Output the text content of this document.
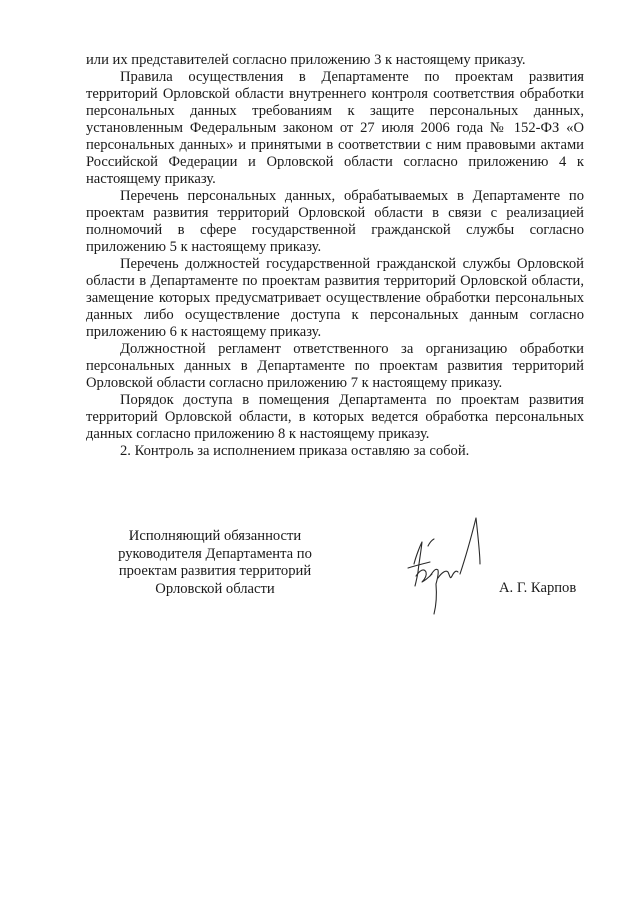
или их представителей согласно приложению 3 к настоящему приказу.

Правила осуществления в Департаменте по проектам развития территорий Орловской области внутреннего контроля соответствия обработки персональных данных требованиям к защите персональных данных, установленным Федеральным законом от 27 июля 2006 года № 152-ФЗ «О персональных данных» и принятыми в соответствии с ним правовыми актами Российской Федерации и Орловской области согласно приложению 4 к настоящему приказу.

Перечень персональных данных, обрабатываемых в Департаменте по проектам развития территорий Орловской области в связи с реализацией полномочий в сфере государственной гражданской службы согласно приложению 5 к настоящему приказу.

Перечень должностей государственной гражданской службы Орловской области в Департаменте по проектам развития территорий Орловской области, замещение которых предусматривает осуществление обработки персональных данных либо осуществление доступа к персональных данным согласно приложению 6 к настоящему приказу.

Должностной регламент ответственного за организацию обработки персональных данных в Департаменте по проектам развития территорий Орловской области согласно приложению 7 к настоящему приказу.

Порядок доступа в помещения Департамента по проектам развития территорий Орловской области, в которых ведется обработка персональных данных согласно приложению 8 к настоящему приказу.

2. Контроль за исполнением приказа оставляю за собой.

Исполняющий обязанности
руководителя Департамента по
проектам развития территорий
Орловской области	А. Г. Карпов
